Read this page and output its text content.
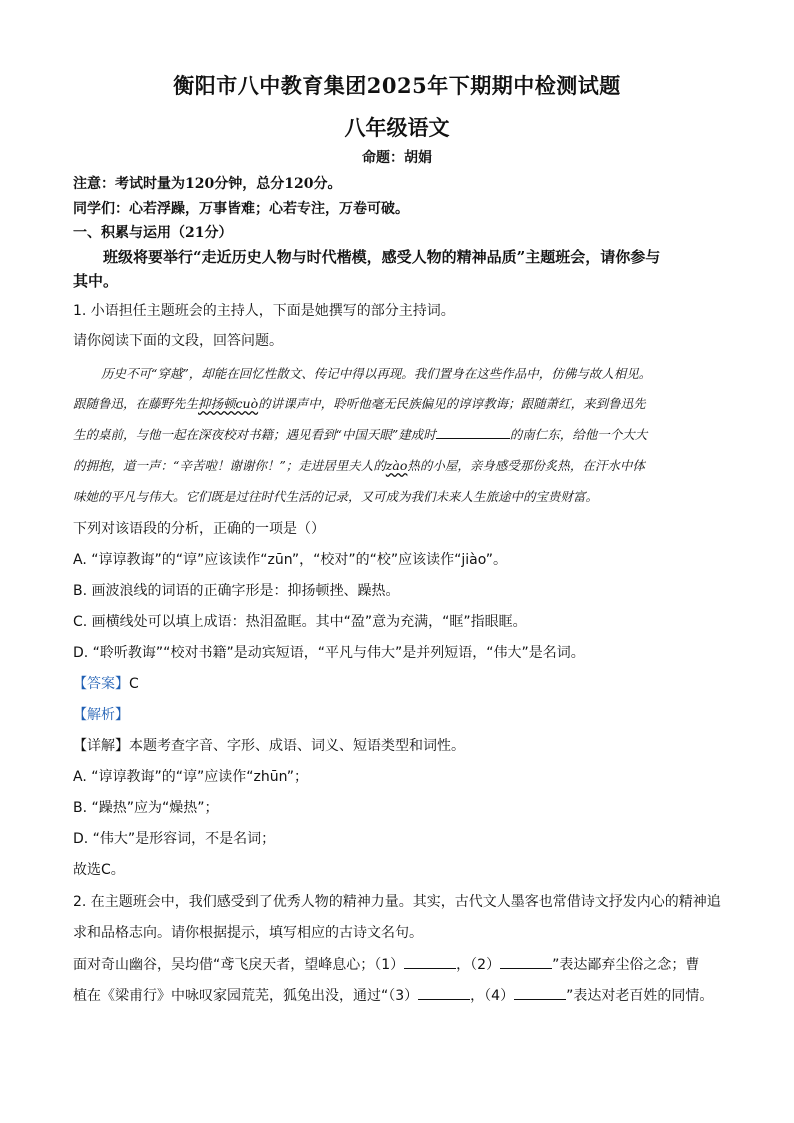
衡阳市八中教育集团2025年下期期中检测试题
八年级语文
命题：胡娟
注意：考试时量为120分钟，总分120分。
同学们：心若浮躁，万事皆难；心若专注，万卷可破。
一、积累与运用（21分）
班级将要举行“走近历史人物与时代楷模，感受人物的精神品质”主题班会，请你参与
其中。
1. 小语担任主题班会的主持人，下面是她撰写的部分主持词。
请你阅读下面的文段，回答问题。
历史不可“穿越”，却能在回忆性散文、传记中得以再现。我们置身在这些作品中，仿佛与故人相见。
跟随鲁迅，在藤野先生抑扬顿cuò的讲课声中，聆听他毫无民族偏见的谆谆教诲；跟随萧红，来到鲁迅先
生的桌前，与他一起在深夜校对书籍；遇见看到“中国天眼”建成时	的南仁东，给他一个大大
的拥抱，道一声：“辛苦啦！谢谢你！”；走进居里夫人的zào热的小屋，亲身感受那份炙热，在汗水中体
味她的平凡与伟大。它们既是过往时代生活的记录，又可成为我们未来人生旅途中的宝贵财富。
下列对该语段的分析，正确的一项是（）
A. “谆谆教诲”的“谆”应该读作“zūn”，“校对”的“校”应该读作“jiào”。
B. 画波浪线的词语的正确字形是：抑扬顿挫、躁热。
C. 画横线处可以填上成语：热泪盈眶。其中“盈”意为充满，“眶”指眼眶。
D. “聆听教诲”“校对书籍”是动宾短语，“平凡与伟大”是并列短语，“伟大”是名词。
【答案】C
【解析】
【详解】本题考查字音、字形、成语、词义、短语类型和词性。
A. “谆谆教诲”的“谆”应读作“zhūn”；
B. “躁热”应为“燥热”；
D. “伟大”是形容词，不是名词；
故选C。
2. 在主题班会中，我们感受到了优秀人物的精神力量。其实，古代文人墨客也常借诗文抒发内心的精神追
求和品格志向。请你根据提示，填写相应的古诗文名句。
面对奇山幽谷，吴均借“鸢飞戾天者，望峰息心；（1）	，（2）	”表达鄙弃尘俗之念；曹
植在《梁甫行》中咏叹家园荒芜，狐兔出没，通过“（3）	，（4）	”表达对老百姓的同情。
